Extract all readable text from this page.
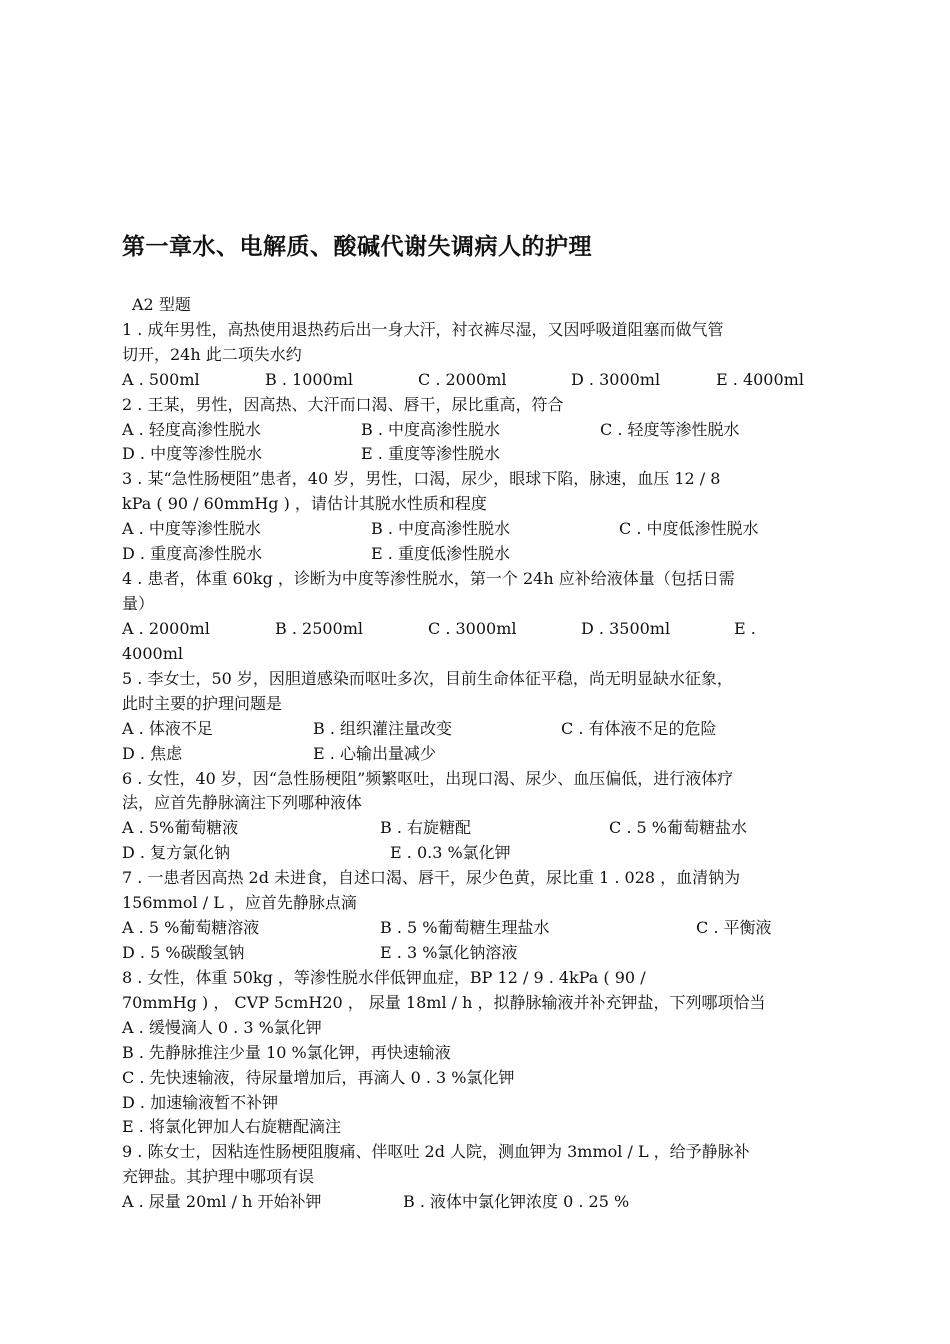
第一章水、电解质、酸碱代谢失调病人的护理
A2 型题
1 . 成年男性，高热使用退热药后出一身大汗，衬衣裤尽湿，又因呼吸道阻塞而做气管
切开，24h 此二项失水约
A . 500ml	B . 1000ml	C . 2000ml	D . 3000ml	E . 4000ml
2 . 王某，男性，因高热、大汗而口渴、唇干，尿比重高，符合
A . 轻度高渗性脱水	B . 中度高渗性脱水	C . 轻度等渗性脱水
D . 中度等渗性脱水	E . 重度等渗性脱水
3 . 某“急性肠梗阻”患者，40 岁，男性，口渴，尿少，眼球下陷，脉速，血压 12 / 8
kPa ( 90 / 60mmHg ) ，请估计其脱水性质和程度
A . 中度等渗性脱水	B . 中度高渗性脱水	C . 中度低渗性脱水
D . 重度高渗性脱水	E . 重度低渗性脱水
4 . 患者，体重 60kg ，诊断为中度等渗性脱水，第一个 24h 应补给液体量（包括日需
量）
A . 2000ml	B . 2500ml	C . 3000ml	D . 3500ml	E .
4000ml
5 . 李女士，50 岁，因胆道感染而呕吐多次，目前生命体征平稳，尚无明显缺水征象，
此时主要的护理问题是
A . 体液不足	B . 组织灌注量改变	C . 有体液不足的危险
D . 焦虑	E . 心输出量减少
6 . 女性，40 岁，因“急性肠梗阻”频繁呕吐，出现口渴、尿少、血压偏低，进行液体疗
法，应首先静脉滴注下列哪种液体
A . 5%葡萄糖液	B . 右旋糖配	C . 5 %葡萄糖盐水
D . 复方氯化钠	E . 0.3 %氯化钾
7 . 一患者因高热 2d 未进食，自述口渴、唇干，尿少色黄，尿比重 1 . 028 ，血清钠为
156mmol / L ，应首先静脉点滴
A . 5 %葡萄糖溶液	B . 5 %葡萄糖生理盐水	C . 平衡液
D . 5 %碳酸氢钠	E . 3 %氯化钠溶液
8 . 女性，体重 50kg ，等渗性脱水伴低钾血症，BP 12 / 9 . 4kPa ( 90 /
70mmHg ) ， CVP 5cmH20 ， 尿量 18ml / h ，拟静脉输液并补充钾盐，下列哪项恰当
A . 缓慢滴人 0 . 3 %氯化钾
B . 先静脉推注少量 10 %氯化钾，再快速输液
C . 先快速输液，待尿量增加后，再滴人 0 . 3 %氯化钾
D . 加速输液暂不补钾
E . 将氯化钾加人右旋糖配滴注
9 . 陈女士，因粘连性肠梗阻腹痛、伴呕吐 2d 人院，测血钾为 3mmol / L ，给予静脉补
充钾盐。其护理中哪项有误
A . 尿量 20ml / h 开始补钾	B . 液体中氯化钾浓度 0 . 25 %
